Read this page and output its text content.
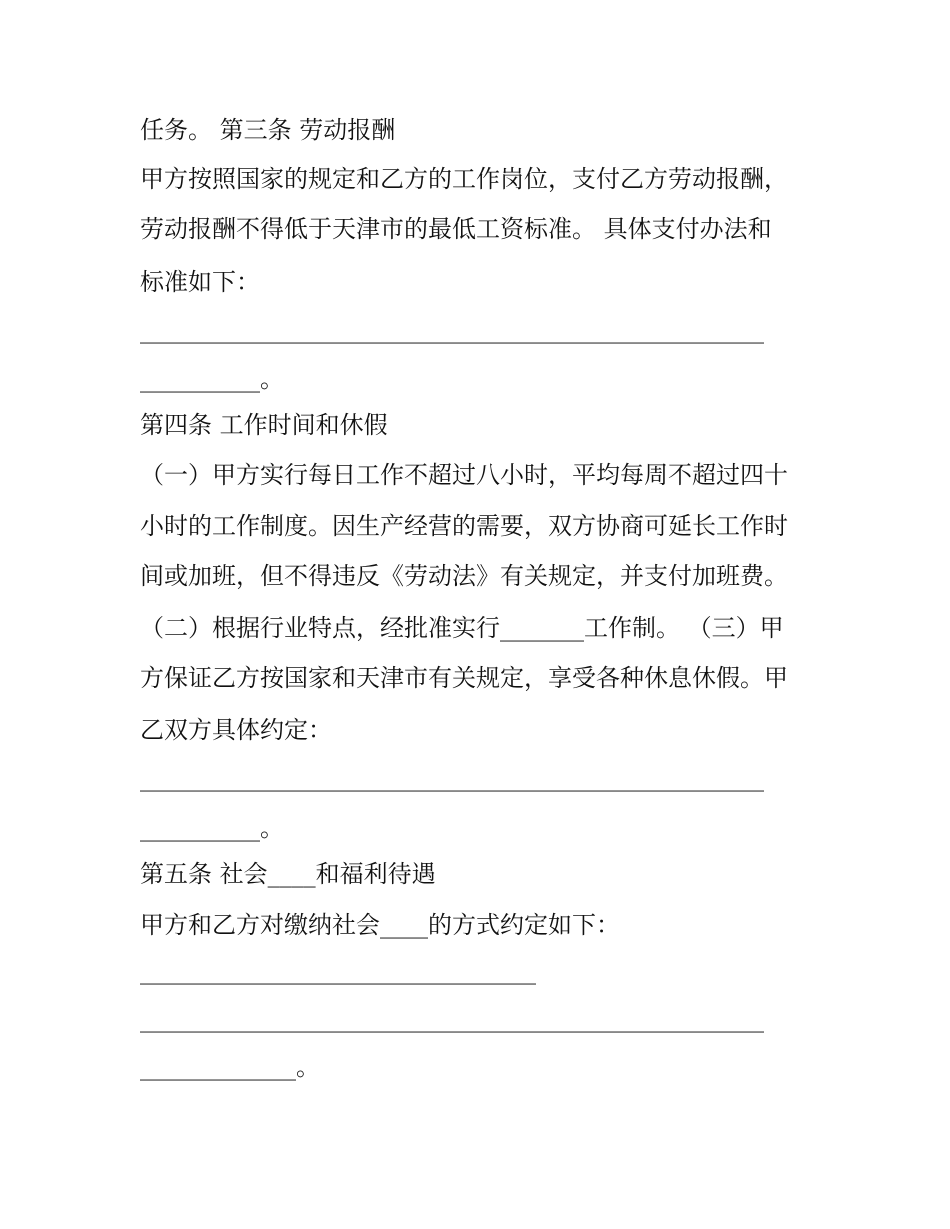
任务。 第三条 劳动报酬

甲方按照国家的规定和乙方的工作岗位，支付乙方劳动报酬，

劳动报酬不得低于天津市的最低工资标准。 具体支付办法和

标准如下：

____________________________________________________

__________。

第四条 工作时间和休假

（一）甲方实行每日工作不超过八小时，平均每周不超过四十

小时的工作制度。因生产经营的需要，双方协商可延长工作时

间或加班，但不得违反《劳动法》有关规定，并支付加班费。

（二）根据行业特点，经批准实行_______工作制。 （三）甲

方保证乙方按国家和天津市有关规定，享受各种休息休假。甲

乙双方具体约定：

____________________________________________________

__________。

第五条 社会____和福利待遇

甲方和乙方对缴纳社会____的方式约定如下：

_________________________________

____________________________________________________

_____________。
